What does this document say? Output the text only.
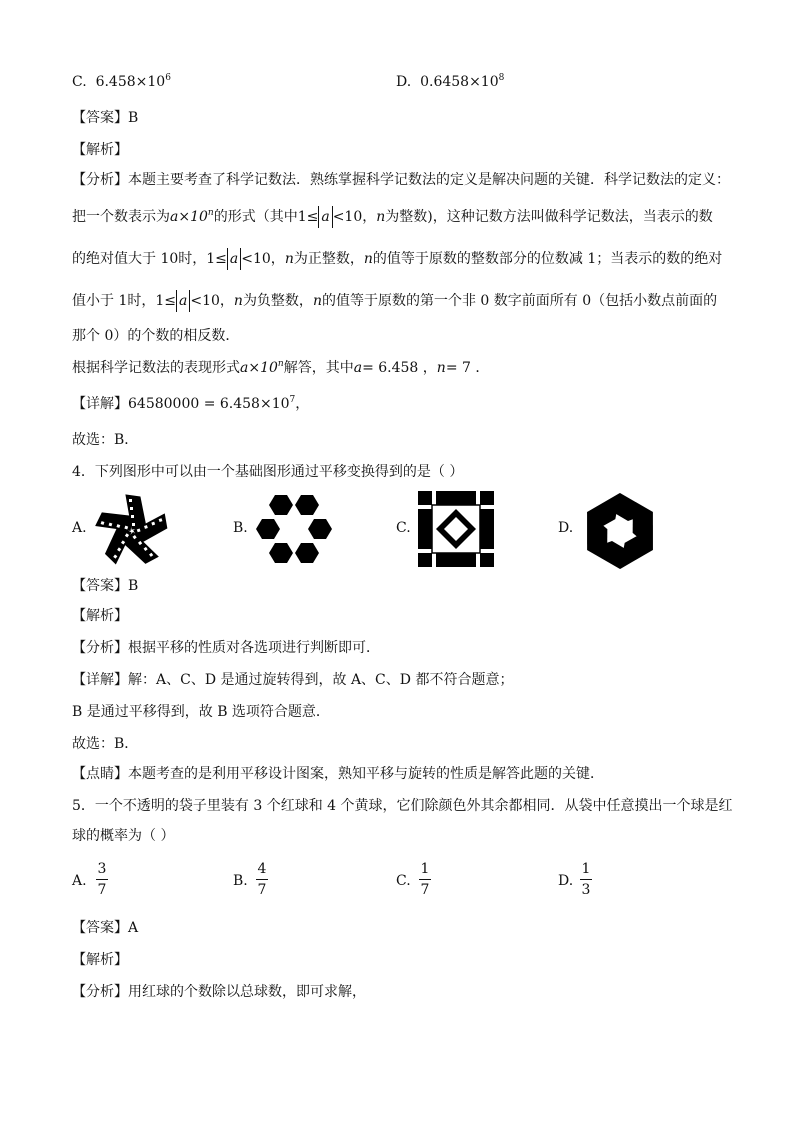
C. $6.458\times 10^6$	D. $0.6458\times 10^8$
【答案】B
【解析】
【分析】本题主要考查了科学记数法．熟练掌握科学记数法的定义是解决问题的关键．科学记数法的定义：
把一个数表示为$a\times 10^n$的形式（其中1≤ a <10，n为整数)，这种记数方法叫做科学记数法，当表示的数
的绝对值大于 10时，1≤ a <10，n为正整数，n的值等于原数的整数部分的位数减 1；当表示的数的绝对
值小于 1时，1≤ a <10，n为负整数，n的值等于原数的第一个非 0 数字前面所有 0（包括小数点前面的
那个 0）的个数的相反数．
根据科学记数法的表现形式$a\times 10^n$解答，其中a= 6.458 ，n= 7 ．
【详解】$64580000 = 6.458\times 10^7$，
故选：B．
4．下列图形中可以由一个基础图形通过平移变换得到的是（ ）
A.	B.	C.	D.
【答案】B
【解析】
【分析】根据平移的性质对各选项进行判断即可．
【详解】解：A、C、D 是通过旋转得到，故 A、C、D 都不符合题意；
B 是通过平移得到，故 B 选项符合题意．
故选：B．
【点睛】本题考查的是利用平移设计图案，熟知平移与旋转的性质是解答此题的关键．
5．一个不透明的袋子里装有 3 个红球和 4 个黄球，它们除颜色外其余都相同．从袋中任意摸出一个球是红
球的概率为（ ）
A.
3
7
B.
4
7
C.
1
7
D.
1
3
【答案】A
【解析】
【分析】用红球的个数除以总球数，即可求解，
